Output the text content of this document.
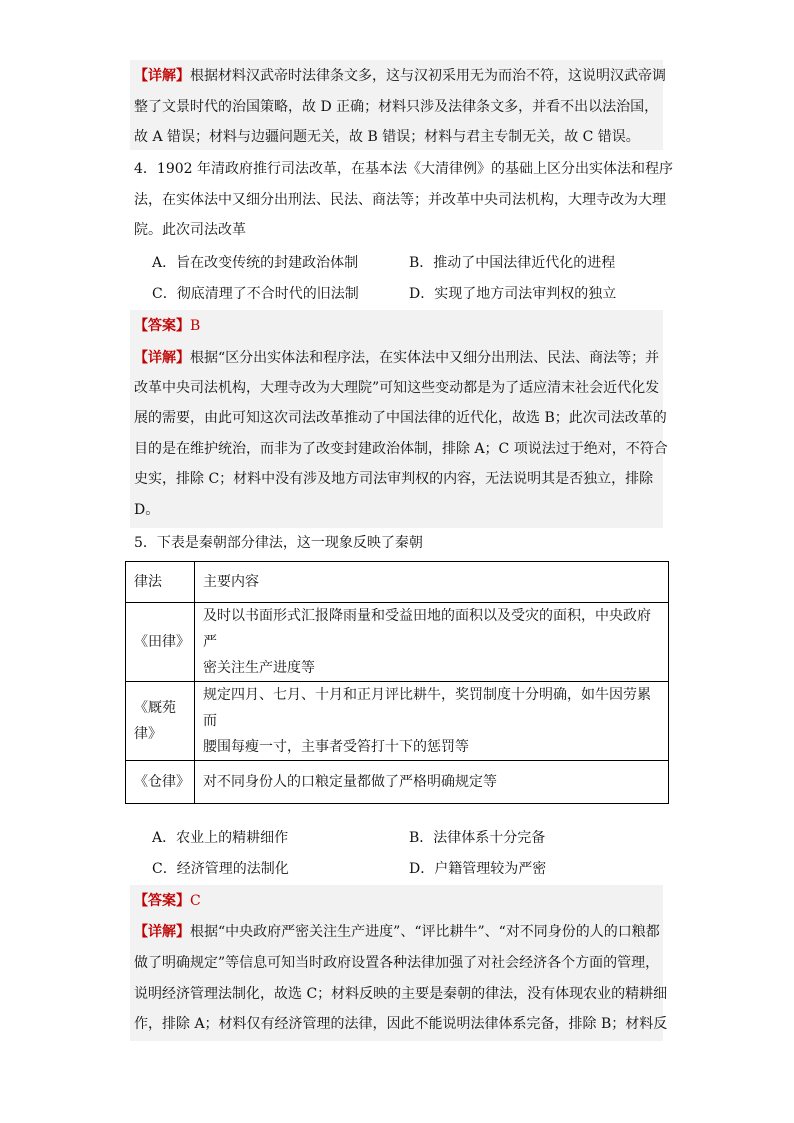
【详解】根据材料汉武帝时法律条文多，这与汉初采用无为而治不符，这说明汉武帝调
整了文景时代的治国策略，故 D 正确；材料只涉及法律条文多，并看不出以法治国，
故 A 错误；材料与边疆问题无关，故 B 错误；材料与君主专制无关，故 C 错误。
4．1902 年清政府推行司法改革，在基本法《大清律例》的基础上区分出实体法和程序
法，在实体法中又细分出刑法、民法、商法等；并改革中央司法机构，大理寺改为大理
院。此次司法改革
A．旨在改变传统的封建政治体制	B．推动了中国法律近代化的进程
C．彻底清理了不合时代的旧法制	D．实现了地方司法审判权的独立
【答案】B
【详解】根据“区分出实体法和程序法，在实体法中又细分出刑法、民法、商法等；并
改革中央司法机构，大理寺改为大理院”可知这些变动都是为了适应清末社会近代化发
展的需要，由此可知这次司法改革推动了中国法律的近代化，故选 B；此次司法改革的
目的是在维护统治，而非为了改变封建政治体制，排除 A；C 项说法过于绝对，不符合
史实，排除 C；材料中没有涉及地方司法审判权的内容，无法说明其是否独立，排除
D。
5．下表是秦朝部分律法，这一现象反映了秦朝
律法	主要内容
《田律》	及时以书面形式汇报降雨量和受益田地的面积以及受灾的面积，中央政府严
密关注生产进度等
《厩苑
律》	规定四月、七月、十月和正月评比耕牛，奖罚制度十分明确，如牛因劳累而
腰围每瘦一寸，主事者受笞打十下的惩罚等
《仓律》	对不同身份人的口粮定量都做了严格明确规定等
A．农业上的精耕细作	B．法律体系十分完备
C．经济管理的法制化	D．户籍管理较为严密
【答案】C
【详解】根据“中央政府严密关注生产进度”、“评比耕牛”、“对不同身份的人的口粮都
做了明确规定”等信息可知当时政府设置各种法律加强了对社会经济各个方面的管理，
说明经济管理法制化，故选 C；材料反映的主要是秦朝的律法，没有体现农业的精耕细
作，排除 A；材料仅有经济管理的法律，因此不能说明法律体系完备，排除 B；材料反
